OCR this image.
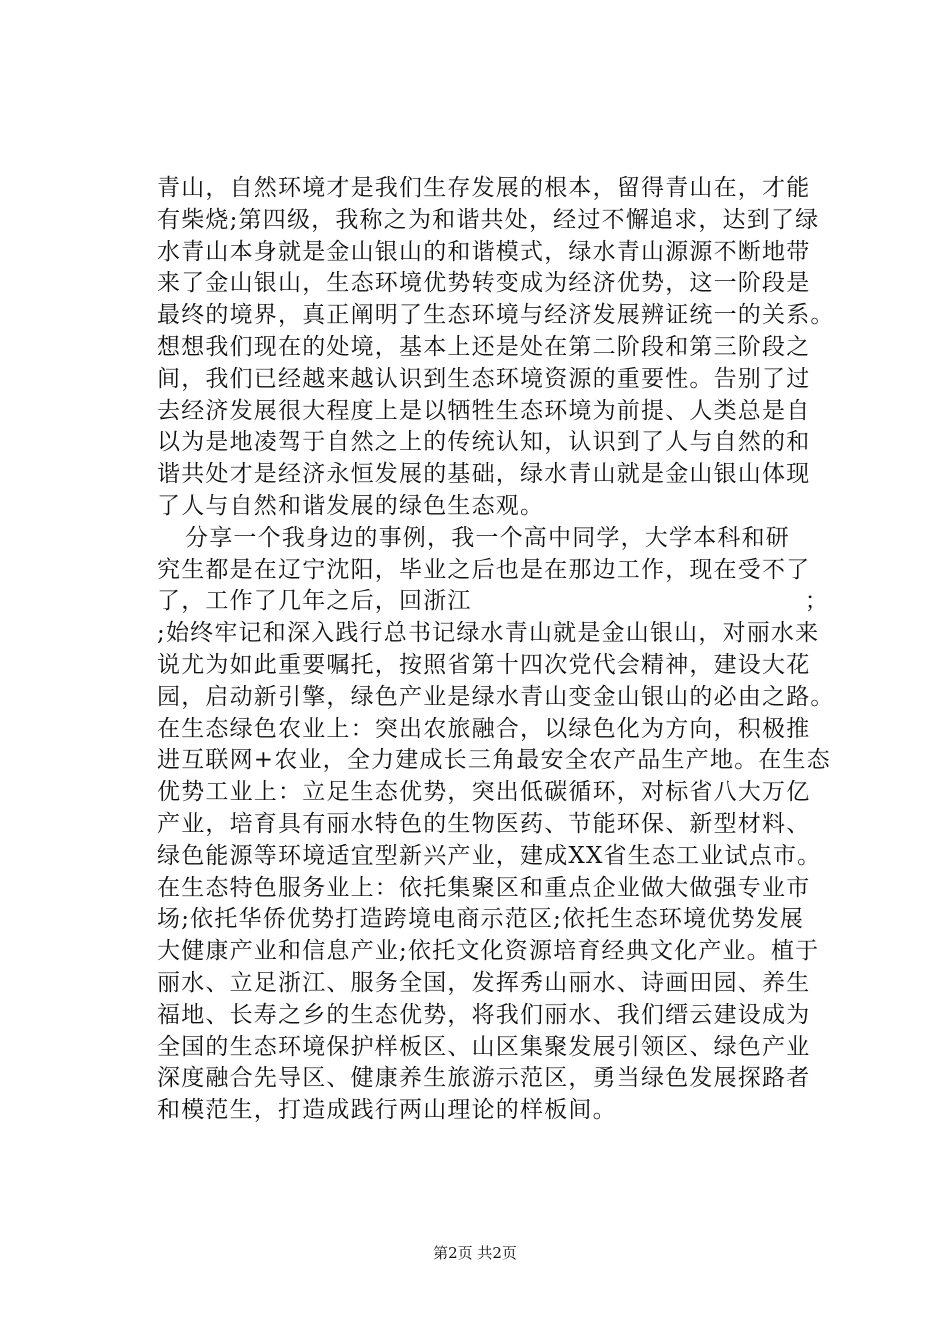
青山，自然环境才是我们生存发展的根本，留得青山在，才能
有柴烧;第四级，我称之为和谐共处，经过不懈追求，达到了绿
水青山本身就是金山银山的和谐模式，绿水青山源源不断地带
来了金山银山，生态环境优势转变成为经济优势，这一阶段是
最终的境界，真正阐明了生态环境与经济发展辨证统一的关系。
想想我们现在的处境，基本上还是处在第二阶段和第三阶段之
间，我们已经越来越认识到生态环境资源的重要性。告别了过
去经济发展很大程度上是以牺牲生态环境为前提、人类总是自
以为是地凌驾于自然之上的传统认知，认识到了人与自然的和
谐共处才是经济永恒发展的基础，绿水青山就是金山银山体现
了人与自然和谐发展的绿色生态观。
分享一个我身边的事例，我一个高中同学，大学本科和研
究生都是在辽宁沈阳，毕业之后也是在那边工作，现在受不了
了，工作了几年之后，回浙江	；
;始终牢记和深入践行总书记绿水青山就是金山银山，对丽水来
说尤为如此重要嘱托，按照省第十四次党代会精神，建设大花
园，启动新引擎，绿色产业是绿水青山变金山银山的必由之路。
在生态绿色农业上：突出农旅融合，以绿色化为方向，积极推
进互联网+农业，全力建成长三角最安全农产品生产地。在生态
优势工业上：立足生态优势，突出低碳循环，对标省八大万亿
产业，培育具有丽水特色的生物医药、节能环保、新型材料、
绿色能源等环境适宜型新兴产业，建成XX省生态工业试点市。
在生态特色服务业上：依托集聚区和重点企业做大做强专业市
场;依托华侨优势打造跨境电商示范区;依托生态环境优势发展
大健康产业和信息产业;依托文化资源培育经典文化产业。植于
丽水、立足浙江、服务全国，发挥秀山丽水、诗画田园、养生
福地、长寿之乡的生态优势，将我们丽水、我们缙云建设成为
全国的生态环境保护样板区、山区集聚发展引领区、绿色产业
深度融合先导区、健康养生旅游示范区，勇当绿色发展探路者
和模范生，打造成践行两山理论的样板间。
第2页 共2页
